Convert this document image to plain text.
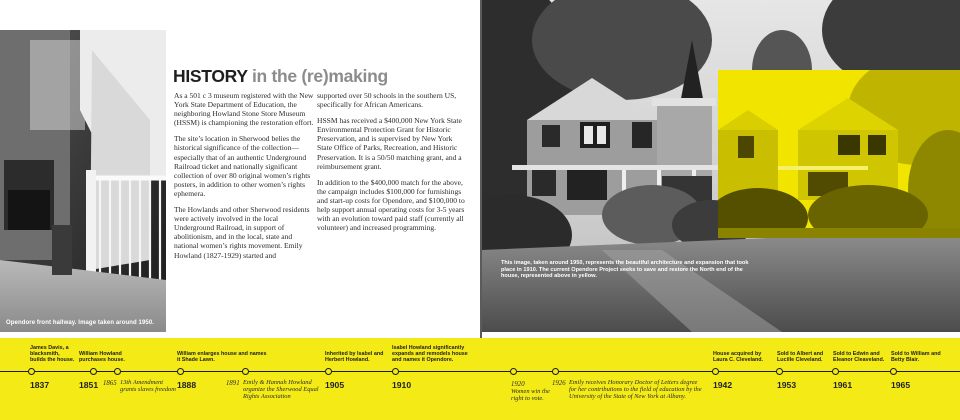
Opendore front hallway. Image taken around 1950.
HISTORY in the (re)making

As a 501 c 3 museum registered with the New York State Department of Education, the neighboring Howland Stone Store Museum (HSSM) is championing the restoration effort.

The site’s location in Sherwood belies the historical significance of the collection— especially that of an authentic Underground Railroad ticket and nationally significant collection of over 80 original women’s rights posters, in addition to other women’s rights ephemera.

The Howlands and other Sherwood residents were actively involved in the local Underground Railroad, in support of abolitionism, and in the local, state and national women’s rights movement. Emily Howland (1827-1929) started and

supported over 50 schools in the southern US, specifically for African Americans.

HSSM has received a $400,000 New York State Environmental Protection Grant for Historic Preservation, and is supervised by New York State Office of Parks, Recreation, and Historic Preservation. It is a 50/50 matching grant, and a reimbursement grant.

In addition to the $400,000 match for the above, the campaign includes $100,000 for furnishings and start-up costs for Opendore, and $100,000 to help support annual operating costs for 3-5 years with an evolution toward paid staff (currently all volunteer) and increased programming.

This image, taken around 1950, represents the beautiful architecture and expansion that took place in 1910. The current Opendore Project seeks to save and restore the North end of the house, represented above in yellow.
James Davis, a blacksmith, builds the house.
William Howland purchases house.
William enlarges house and names it Shade Lawn.
Inherited by Isabel and Herbert Howland.
Isabel Howland significantly expands and remodels house and names it Opendore.
House acquired by Laura C. Cleveland.
Sold to Albert and Lucille Cleveland.
Sold to Edwin and Eleanor Cleaveland.
Sold to William and Betty Blair.
1837	1851	1888	1905	1910	1942	1953	1961	1965
1865 13th Amendment grants slaves freedom
1891 Emily & Hannah Howland organize the Sherwood Equal Rights Association
1920
Women win the right to vote.
1926 Emily receives Honorary Doctor of Letters degree for her contributions to the field of education by the University of the State of New York at Albany.
